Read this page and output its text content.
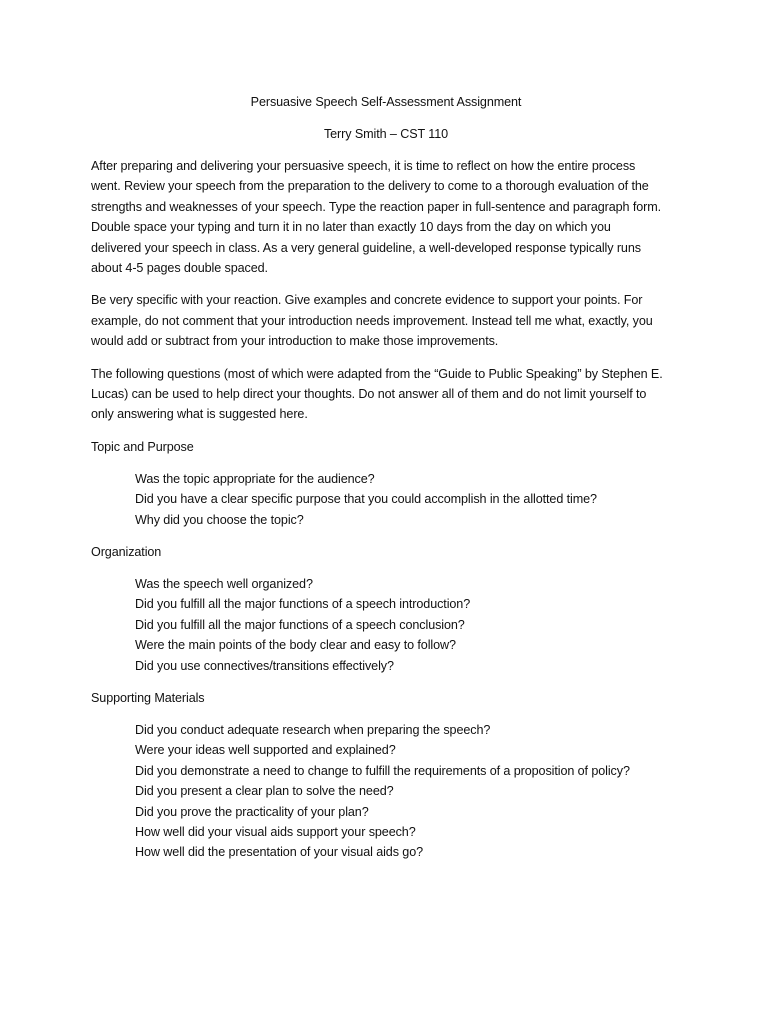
Persuasive Speech Self-Assessment Assignment
Terry Smith – CST 110
After preparing and delivering your persuasive speech, it is time to reflect on how the entire process
went. Review your speech from the preparation to the delivery to come to a thorough evaluation of the
strengths and weaknesses of your speech. Type the reaction paper in full-sentence and paragraph form.
Double space your typing and turn it in no later than exactly 10 days from the day on which you
delivered your speech in class. As a very general guideline, a well-developed response typically runs
about 4-5 pages double spaced.
Be very specific with your reaction. Give examples and concrete evidence to support your points. For
example, do not comment that your introduction needs improvement. Instead tell me what, exactly, you
would add or subtract from your introduction to make those improvements.
The following questions (most of which were adapted from the “Guide to Public Speaking” by Stephen E.
Lucas) can be used to help direct your thoughts. Do not answer all of them and do not limit yourself to
only answering what is suggested here.
Topic and Purpose
Was the topic appropriate for the audience?
Did you have a clear specific purpose that you could accomplish in the allotted time?
Why did you choose the topic?
Organization
Was the speech well organized?
Did you fulfill all the major functions of a speech introduction?
Did you fulfill all the major functions of a speech conclusion?
Were the main points of the body clear and easy to follow?
Did you use connectives/transitions effectively?
Supporting Materials
Did you conduct adequate research when preparing the speech?
Were your ideas well supported and explained?
Did you demonstrate a need to change to fulfill the requirements of a proposition of policy?
Did you present a clear plan to solve the need?
Did you prove the practicality of your plan?
How well did your visual aids support your speech?
How well did the presentation of your visual aids go?
